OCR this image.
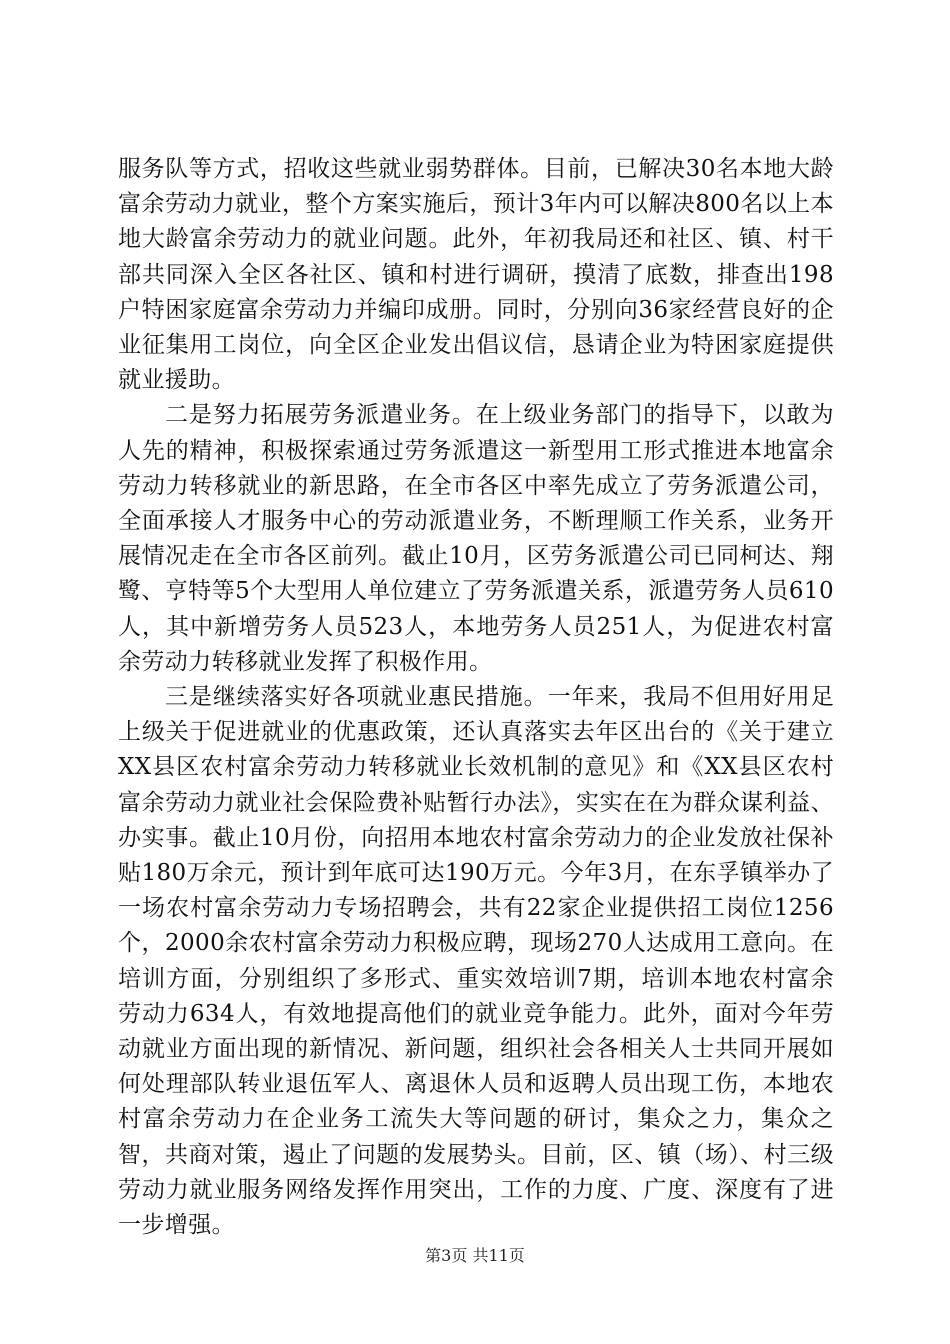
服务队等方式，招收这些就业弱势群体。目前，已解决30名本地大龄富余劳动力就业，整个方案实施后，预计3年内可以解决800名以上本地大龄富余劳动力的就业问题。此外，年初我局还和社区、镇、村干部共同深入全区各社区、镇和村进行调研，摸清了底数，排查出198户特困家庭富余劳动力并编印成册。同时，分别向36家经营良好的企业征集用工岗位，向全区企业发出倡议信，恳请企业为特困家庭提供就业援助。

二是努力拓展劳务派遣业务。在上级业务部门的指导下，以敢为人先的精神，积极探索通过劳务派遣这一新型用工形式推进本地富余劳动力转移就业的新思路，在全市各区中率先成立了劳务派遣公司，全面承接人才服务中心的劳动派遣业务，不断理顺工作关系，业务开展情况走在全市各区前列。截止10月，区劳务派遣公司已同柯达、翔鹭、亨特等5个大型用人单位建立了劳务派遣关系，派遣劳务人员610人，其中新增劳务人员523人，本地劳务人员251人，为促进农村富余劳动力转移就业发挥了积极作用。

三是继续落实好各项就业惠民措施。一年来，我局不但用好用足上级关于促进就业的优惠政策，还认真落实去年区出台的《关于建立XX县区农村富余劳动力转移就业长效机制的意见》和《XX县区农村富余劳动力就业社会保险费补贴暂行办法》，实实在在为群众谋利益、办实事。截止10月份，向招用本地农村富余劳动力的企业发放社保补贴180万余元，预计到年底可达190万元。今年3月，在东孚镇举办了一场农村富余劳动力专场招聘会，共有22家企业提供招工岗位1256个，2000余农村富余劳动力积极应聘，现场270人达成用工意向。在培训方面，分别组织了多形式、重实效培训7期，培训本地农村富余劳动力634人，有效地提高他们的就业竞争能力。此外，面对今年劳动就业方面出现的新情况、新问题，组织社会各相关人士共同开展如何处理部队转业退伍军人、离退休人员和返聘人员出现工伤，本地农村富余劳动力在企业务工流失大等问题的研讨，集众之力，集众之智，共商对策，遏止了问题的发展势头。目前，区、镇（场）、村三级劳动力就业服务网络发挥作用突出，工作的力度、广度、深度有了进一步增强。

第3页 共11页
